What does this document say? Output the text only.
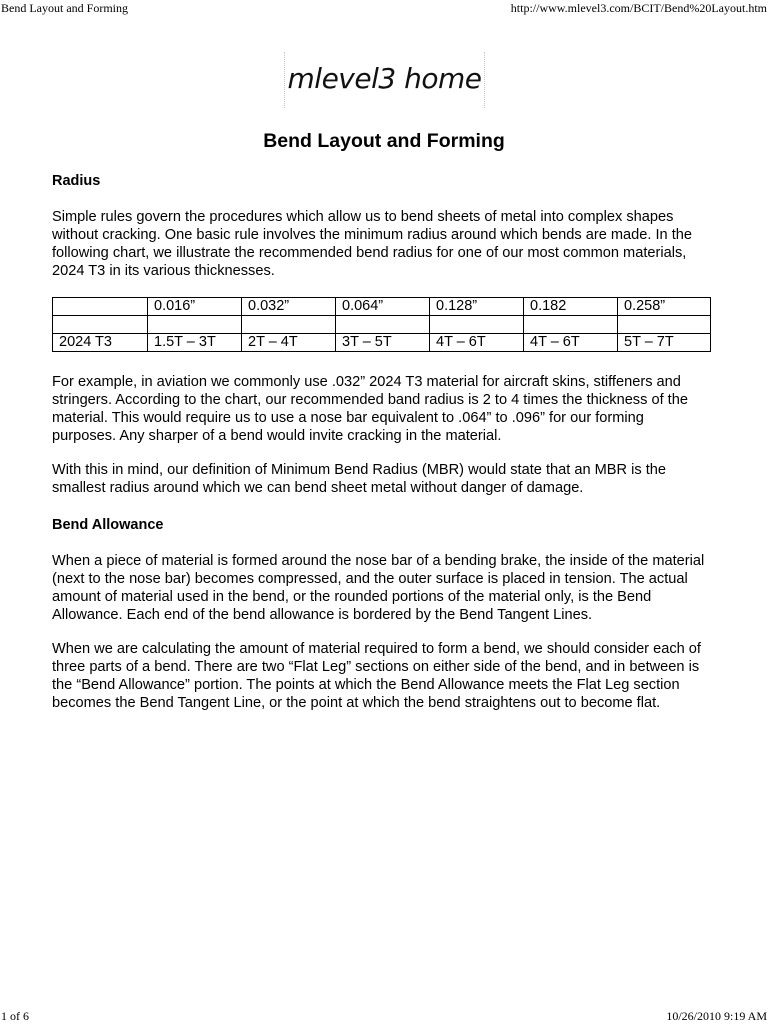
Bend Layout and Forming	http://www.mlevel3.com/BCIT/Bend%20Layout.htm
mlevel3 home
Bend Layout and Forming
Radius

Simple rules govern the procedures which allow us to bend sheets of metal into complex shapes without cracking. One basic rule involves the minimum radius around which bends are made. In the following chart, we illustrate the recommended bend radius for one of our most common materials, 2024 T3 in its various thicknesses.

	0.016”	0.032”	0.064”	0.128”	0.182	0.258”

2024 T3	1.5T – 3T	2T – 4T	3T – 5T	4T – 6T	4T – 6T	5T – 7T

For example, in aviation we commonly use .032” 2024 T3 material for aircraft skins, stiffeners and stringers. According to the chart, our recommended band radius is 2 to 4 times the thickness of the material. This would require us to use a nose bar equivalent to .064” to .096” for our forming purposes. Any sharper of a bend would invite cracking in the material.

With this in mind, our definition of Minimum Bend Radius (MBR) would state that an MBR is the smallest radius around which we can bend sheet metal without danger of damage.

Bend Allowance

When a piece of material is formed around the nose bar of a bending brake, the inside of the material (next to the nose bar) becomes compressed, and the outer surface is placed in tension. The actual amount of material used in the bend, or the rounded portions of the material only, is the Bend Allowance. Each end of the bend allowance is bordered by the Bend Tangent Lines.

When we are calculating the amount of material required to form a bend, we should consider each of three parts of a bend. There are two “Flat Leg” sections on either side of the bend, and in between is the “Bend Allowance” portion. The points at which the Bend Allowance meets the Flat Leg section becomes the Bend Tangent Line, or the point at which the bend straightens out to become flat.

1 of 6	10/26/2010 9:19 AM
